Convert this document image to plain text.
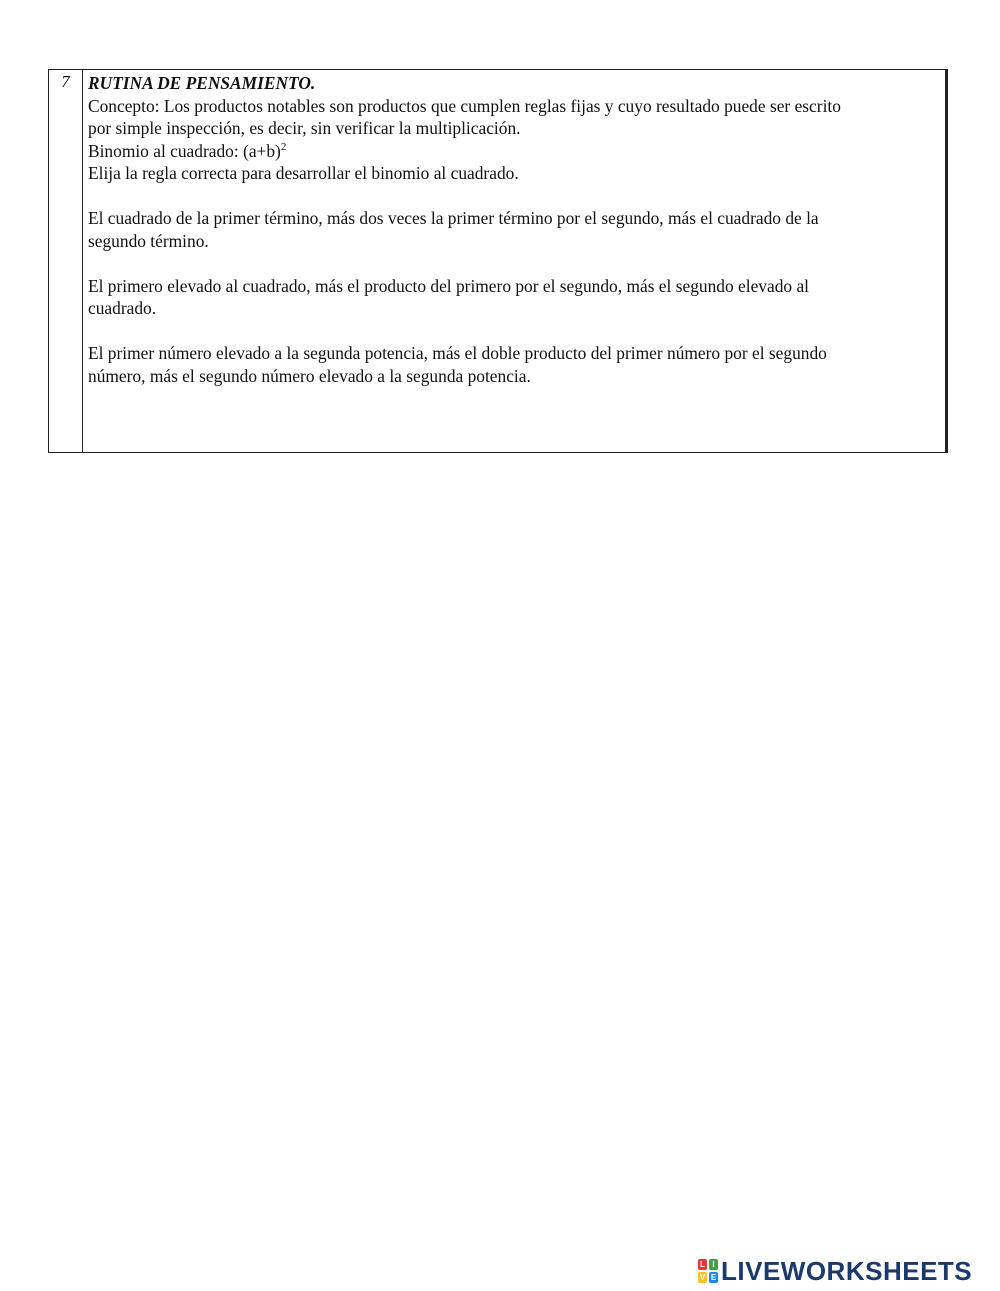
7	RUTINA DE PENSAMIENTO.

Concepto: Los productos notables son productos que cumplen reglas fijas y cuyo resultado puede ser escrito

por simple inspección, es decir, sin verificar la multiplicación.

Binomio al cuadrado: $(a+b)^2$

Elija la regla correcta para desarrollar el binomio al cuadrado.

El cuadrado de la primer término, más dos veces la primer término por el segundo, más el cuadrado de la

segundo término.

El primero elevado al cuadrado, más el producto del primero por el segundo, más el segundo elevado al

cuadrado.

El primer número elevado a la segunda potencia, más el doble producto del primer número por el segundo

número, más el segundo número elevado a la segunda potencia.

L I
V E LIVEWORKSHEETS
